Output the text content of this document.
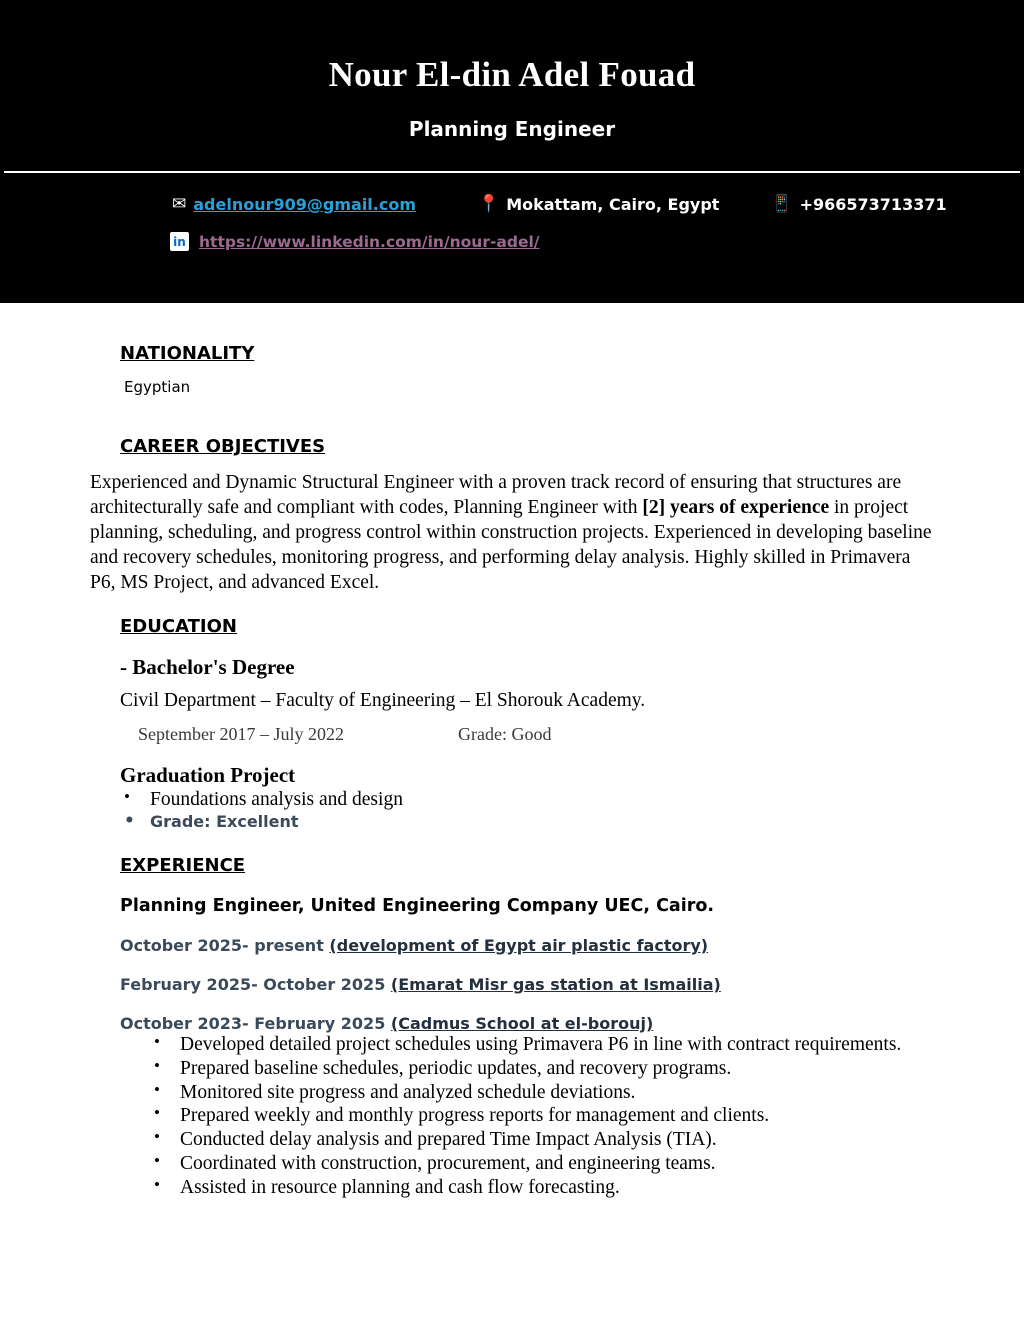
Nour El-din Adel Fouad
Planning Engineer
✉ adelnour909@gmail.com	📍 Mokattam, Cairo, Egypt	📱 +966573713371
in https://www.linkedin.com/in/nour-adel/
NATIONALITY
Egyptian
CAREER OBJECTIVES

Experienced and Dynamic Structural Engineer with a proven track record of ensuring that structures are architecturally safe and compliant with codes, Planning Engineer with [2] years of experience in project planning, scheduling, and progress control within construction projects. Experienced in developing baseline and recovery schedules, monitoring progress, and performing delay analysis. Highly skilled in Primavera P6, MS Project, and advanced Excel.

EDUCATION
- Bachelor's Degree
Civil Department – Faculty of Engineering – El Shorouk Academy.
September 2017 – July 2022	Grade: Good
Graduation Project
• Foundations analysis and design
• Grade: Excellent
EXPERIENCE
Planning Engineer, United Engineering Company UEC, Cairo.
October 2025- present (development of Egypt air plastic factory)
February 2025- October 2025 (Emarat Misr gas station at Ismailia)
October 2023- February 2025 (Cadmus School at el-borouj)
• Developed detailed project schedules using Primavera P6 in line with contract requirements.
• Prepared baseline schedules, periodic updates, and recovery programs.
• Monitored site progress and analyzed schedule deviations.
• Prepared weekly and monthly progress reports for management and clients.
• Conducted delay analysis and prepared Time Impact Analysis (TIA).
• Coordinated with construction, procurement, and engineering teams.
• Assisted in resource planning and cash flow forecasting.
